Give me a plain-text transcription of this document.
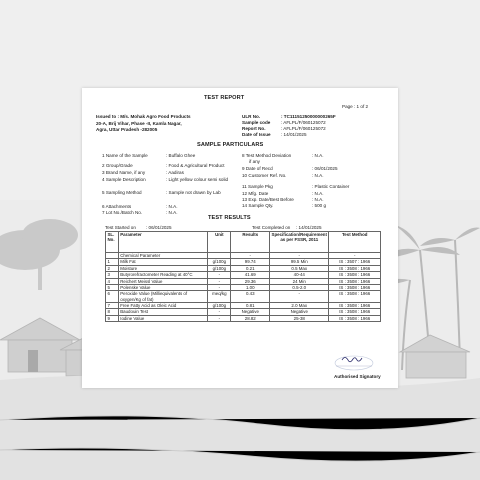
TEST REPORT
Page : 1 of 2
Issued to : M/s. Mohak Agro Food Products
20-A, Brij Vihar, Phase -II, Kamla Nagar,
Agra, Uttar Pradesh -282005
ULR No.	: TC11151250000000265F
Sample code : AFLPL/F/060125072
Report No.	: AFLPL/F/060125072
Date of Issue : 14/01/2025
SAMPLE PARTICULARS
1 Name of the Sample	: Buffalo Ghee
2 Group/Grade	: Food & Agricultural Product
3 Brand Name, if any	: Aadiras
4 Sample Description	: Light yellow colour semi solid
5 Sampling Method	: Sample not drawn by Lab
6 Attachments	: N.A.
7 Lot No./Batch No.	: N.A.
8 Test Method Deviation
if any
: N.A.
9 Date of Recd	: 06/01/2025
10 Customer Ref. No.	: N.A.
11 Sample Pkg	: Plastic Container
12 Mfg. Date	: N.A.
13 Exp. Date/Best Before	: N.A.
14 Sample Qty.	: 500 g
TEST RESULTS
Test Started on : 06/01/2025	Test Completed on : 14/01/2025
SL. No.	Parameter	Unit	Results	Specification/Requirement as per FSSR, 2011	Test Method
	Chemical Parameter		-	-	-
1	Milk Fat	g/100g	99.74	99.5 Min	IS : 3507 : 1966
2	Moisture	g/100g	0.21	0.5 Max	IS : 3508 : 1966
3	Butyrorefractometer Reading at 40°C	-	41.69	40-44	IS : 3508 : 1966
4	Reichert Meissl Value	-	29.36	24 Min	IS : 3508 : 1966
5	Polenske Value	-	1.00	0.5-2.0	IS : 3508 : 1966
6	Peroxide Value (Milliequivalents of oxygen/Kg of fat)	meq/kg	0.43	-	IS : 3508 : 1966
7	Free Fatty Acid as Oleic Acid	g/100g	0.81	2.0 Max	IS : 3508 : 1966
8	Baudouin Test	-	Negative	Negative	IS : 3508 : 1966
9	Iodine Value	-	28.82	25-38	IS : 3508 : 1966
Authorised Signatory
